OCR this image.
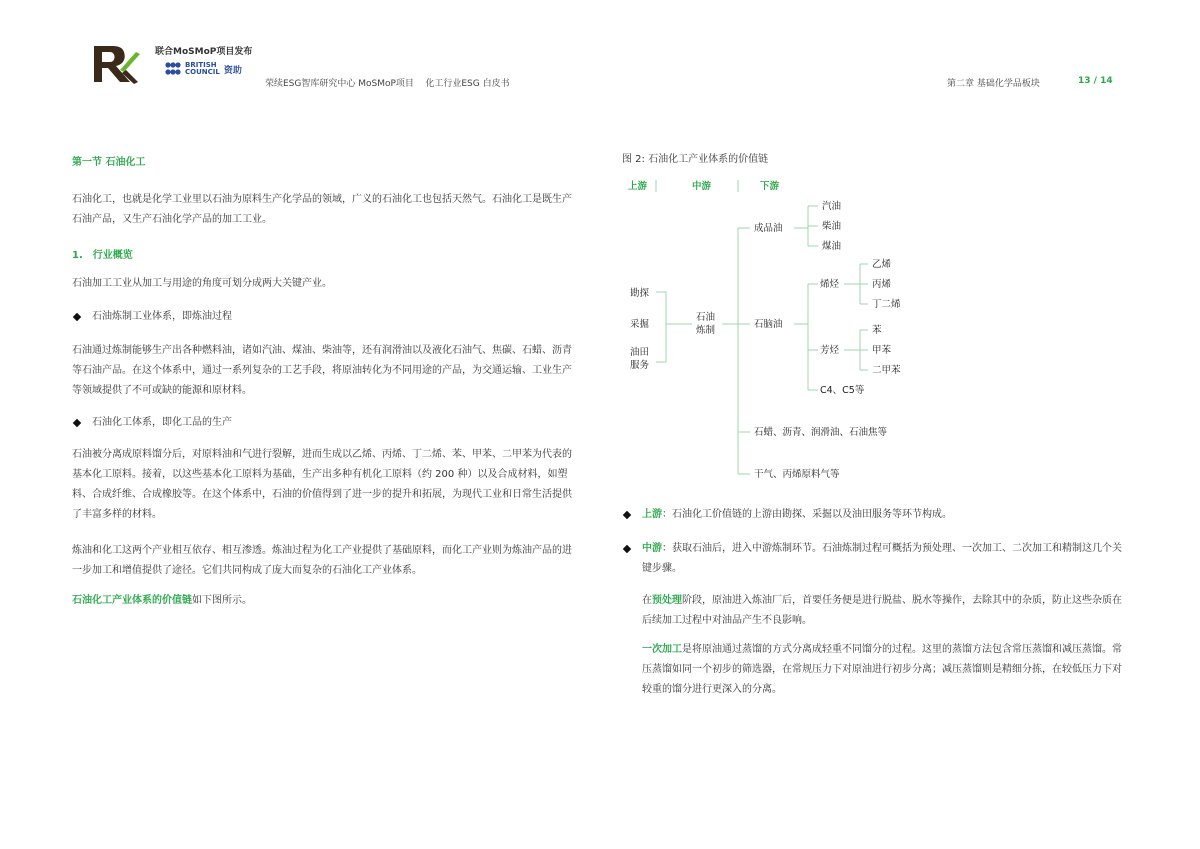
联合MoSMoP项目发布
BRITISH
COUNCIL 资助
荣续ESG智库研究中心 MoSMoP项目    化工行业ESG 白皮书	第二章 基础化学品板块	13 / 14
第一节 石油化工
石油化工，也就是化学工业里以石油为原料生产化学品的领域，广义的石油化工也包括天然气。石油化工是既生产石油产品，又生产石油化学产品的加工工业。
1.　行业概览
石油加工工业从加工与用途的角度可划分成两大关键产业。
石油炼制工业体系，即炼油过程
石油通过炼制能够生产出各种燃料油，诸如汽油、煤油、柴油等，还有润滑油以及液化石油气、焦碳、石蜡、沥青等石油产品。在这个体系中，通过一系列复杂的工艺手段，将原油转化为不同用途的产品，为交通运输、工业生产等领域提供了不可或缺的能源和原材料。
石油化工体系，即化工品的生产
石油被分离成原料馏分后，对原料油和气进行裂解，进而生成以乙烯、丙烯、丁二烯、苯、甲苯、二甲苯为代表的基本化工原料。接着，以这些基本化工原料为基础，生产出多种有机化工原料（约 200 种）以及合成材料，如塑料、合成纤维、合成橡胶等。在这个体系中，石油的价值得到了进一步的提升和拓展，为现代工业和日常生活提供了丰富多样的材料。
炼油和化工这两个产业相互依存、相互渗透。炼油过程为化工产业提供了基础原料，而化工产业则为炼油产品的进一步加工和增值提供了途径。它们共同构成了庞大而复杂的石油化工产业体系。
石油化工产业体系的价值链如下图所示。
图 2: 石油化工产业体系的价值链
上游	中游	下游
勘探
采掘
油田
服务
石油
炼制
成品油
汽油
柴油
煤油
石脑油
烯烃
芳烃
C4、C5等
乙烯
丙烯
丁二烯
苯
甲苯
二甲苯
石蜡、沥青、润滑油、石油焦等
干气、丙烯原料气等
上游：石油化工价值链的上游由勘探、采掘以及油田服务等环节构成。
中游：获取石油后，进入中游炼制环节。石油炼制过程可概括为预处理、一次加工、二次加工和精制这几个关键步骤。
在预处理阶段，原油进入炼油厂后，首要任务便是进行脱盐、脱水等操作，去除其中的杂质，防止这些杂质在后续加工过程中对油品产生不良影响。
一次加工是将原油通过蒸馏的方式分离成轻重不同馏分的过程。这里的蒸馏方法包含常压蒸馏和减压蒸馏。常压蒸馏如同一个初步的筛选器，在常规压力下对原油进行初步分离；减压蒸馏则是精细分拣，在较低压力下对较重的馏分进行更深入的分离。
